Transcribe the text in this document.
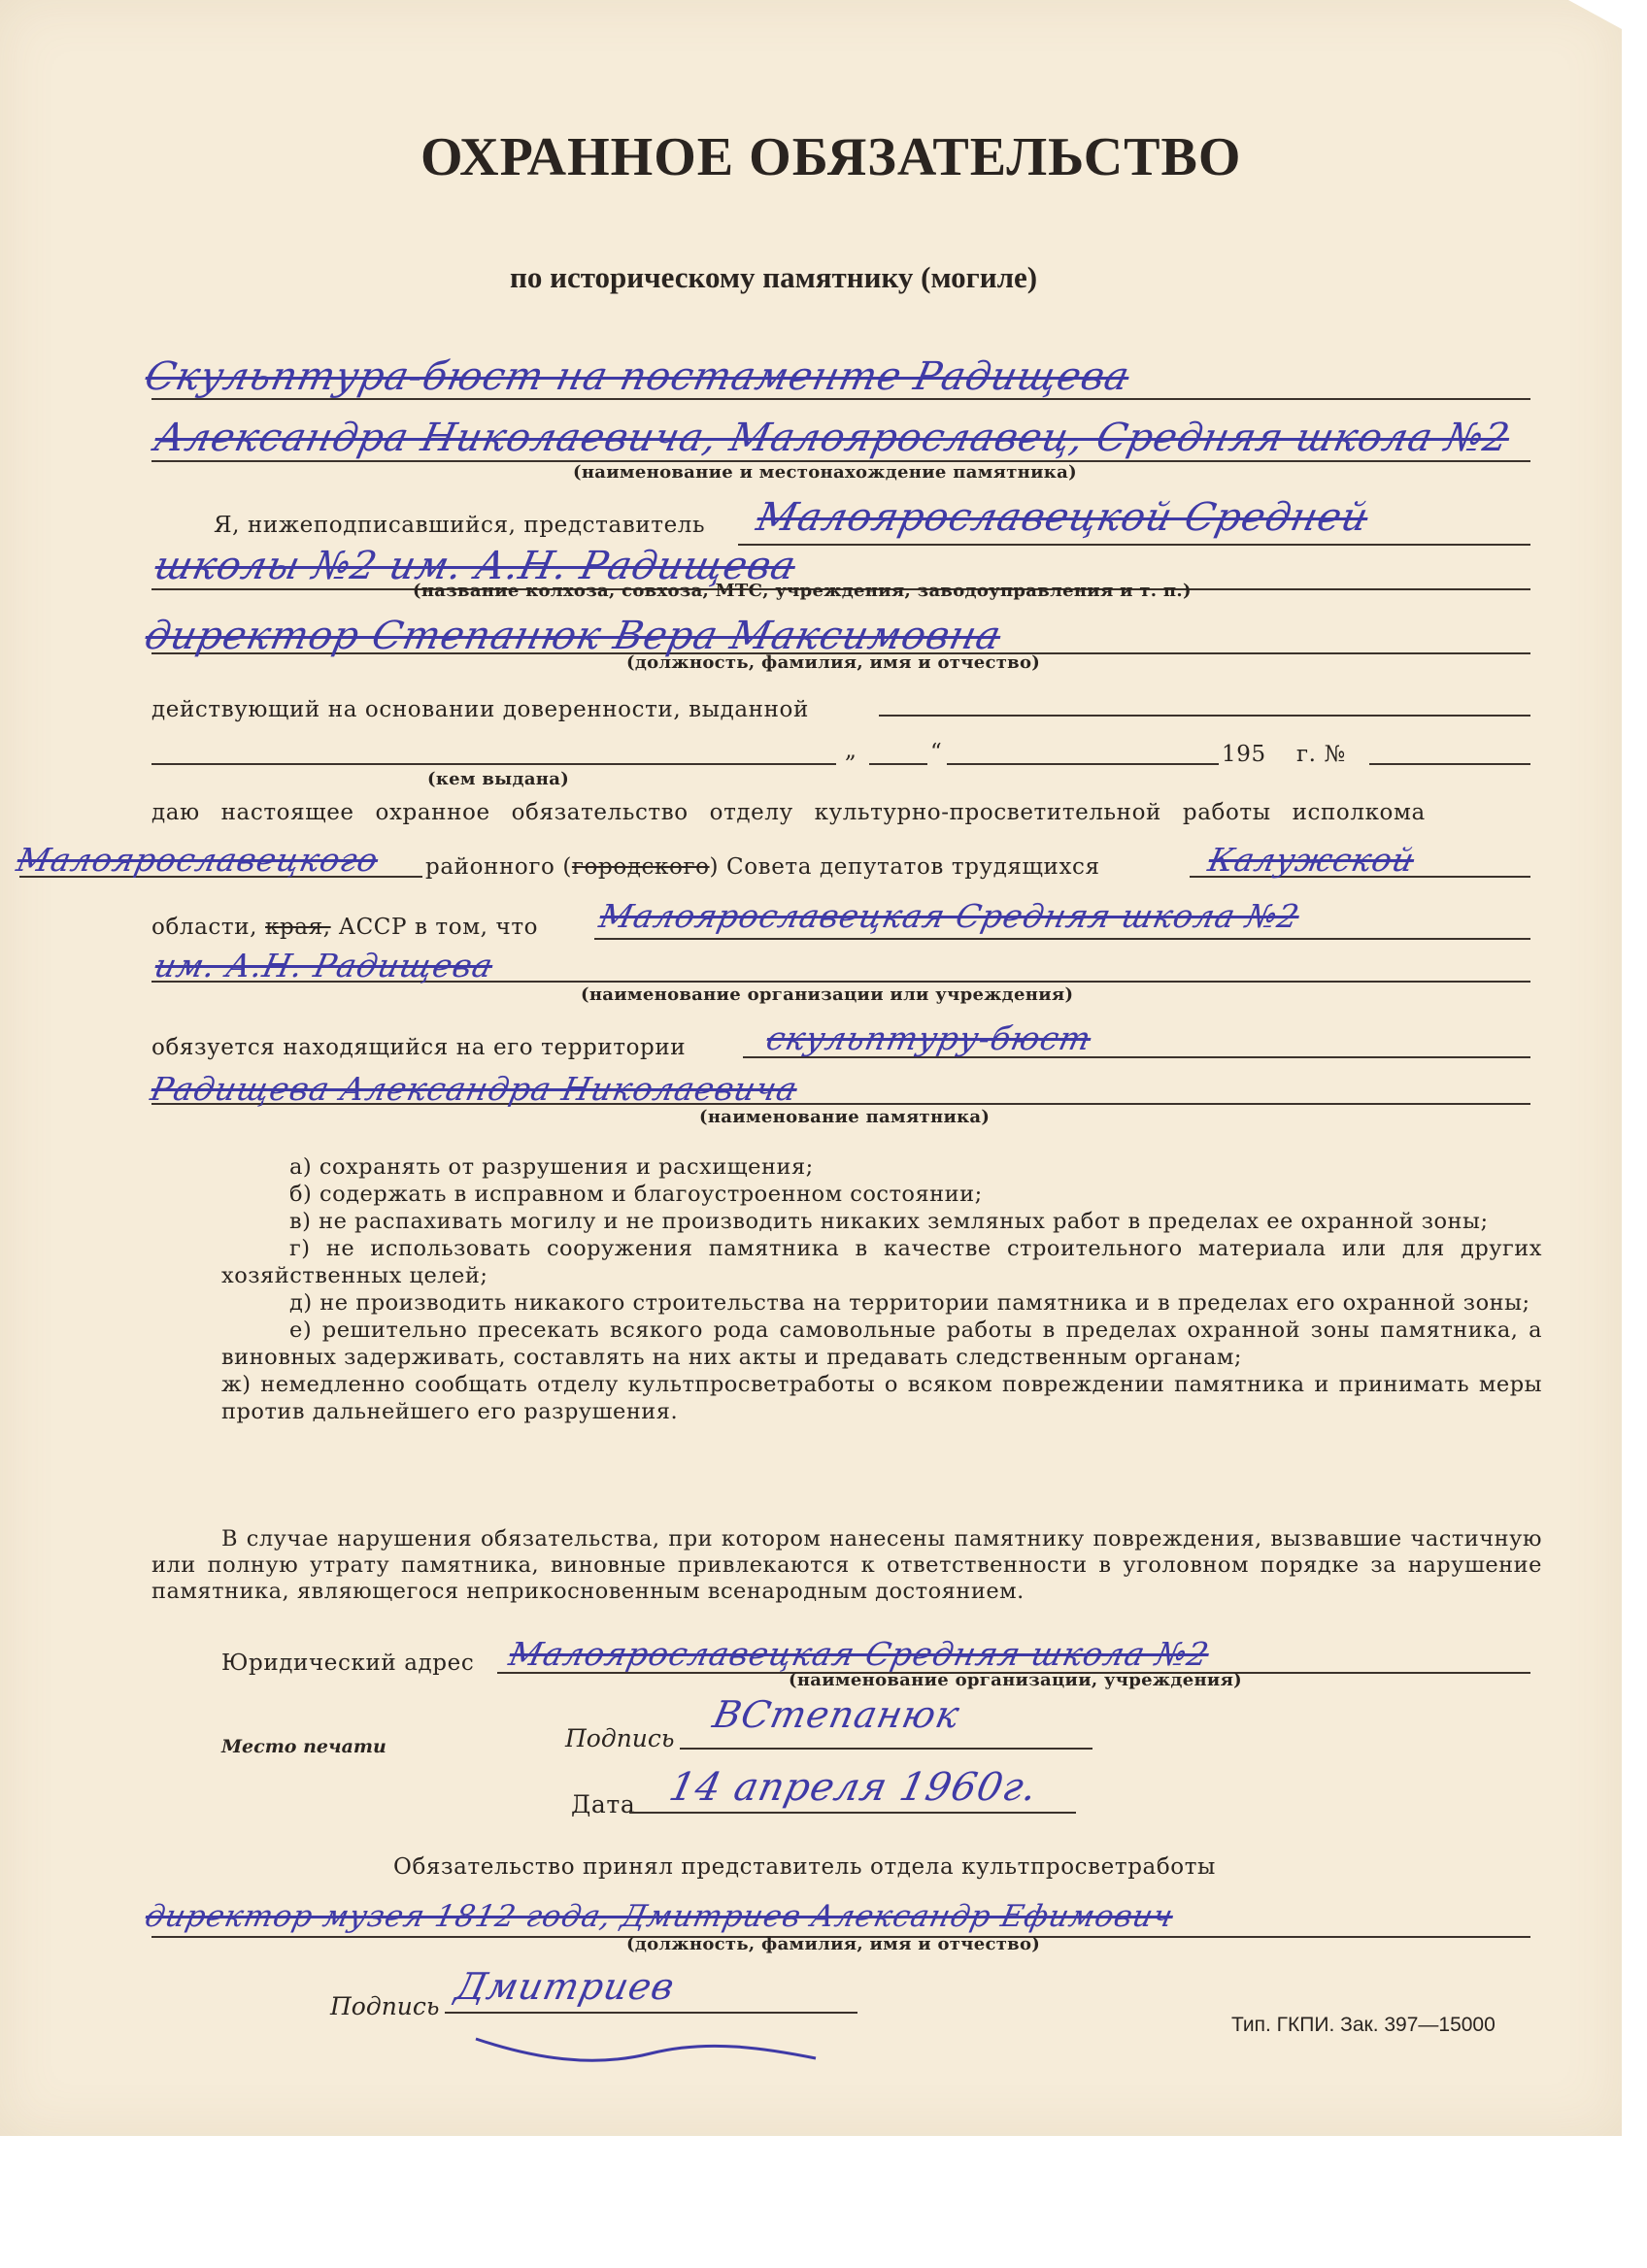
ОХРАННОЕ ОБЯЗАТЕЛЬСТВО
по историческому памятнику (могиле)
Скульптура-бюст на постаменте Радищева
Александра Николаевича, Малоярославец, Средняя школа №2
(наименование и местонахождение памятника)
Я, нижеподписавшийся, представитель Малоярославецкой Средней
школы №2 им. А.Н. Радищева
(название колхоза, совхоза, МТС, учреждения, заводоуправления и т. п.)
директор Степанюк Вера Максимовна
(должность, фамилия, имя и отчество)
действующий на основании доверенности, выданной
„	“	195 г. №
(кем выдана)
даю настоящее охранное обязательство отделу культурно-просветительной работы исполкома
Малоярославецкого районного (городского) Совета депутатов трудящихся	Калужской
области, края, АССР в том, что Малоярославецкая Средняя школа №2
им. А.Н. Радищева
(наименование организации или учреждения)
обязуется находящийся на его территории скульптуру-бюст
Радищева Александра Николаевича
(наименование памятника)

а) сохранять от разрушения и расхищения;

б) содержать в исправном и благоустроенном состоянии;

в) не распахивать могилу и не производить никаких земляных работ в пределах ее охранной зоны;

г) не использовать сооружения памятника в качестве строительного материала или для других хозяйственных целей;

д) не производить никакого строительства на территории памятника и в пределах его охранной зоны;

е) решительно пресекать всякого рода самовольные работы в пределах охранной зоны памятника, а виновных задерживать, составлять на них акты и предавать следственным органам;

ж) немедленно сообщать отделу культпросветработы о всяком повреждении памятника и принимать меры против дальнейшего его разрушения.

В случае нарушения обязательства, при котором нанесены памятнику повреждения, вызвавшие частичную или полную утрату памятника, виновные привлекаются к ответственности в уголовном порядке за нарушение памятника, являющегося неприкосновенным всенародным достоянием.
Юридический адрес Малоярославецкая Средняя школа №2
(наименование организации, учреждения)
Место печати	Подпись
ВСтепанюк
Дата 14 апреля 1960г.
Обязательство принял представитель отдела культпросветработы
директор музея 1812 года, Дмитриев Александр Ефимович
(должность, фамилия, имя и отчество)
Подпись Дмитриев
Тип. ГКПИ. Зак. 397—15000
